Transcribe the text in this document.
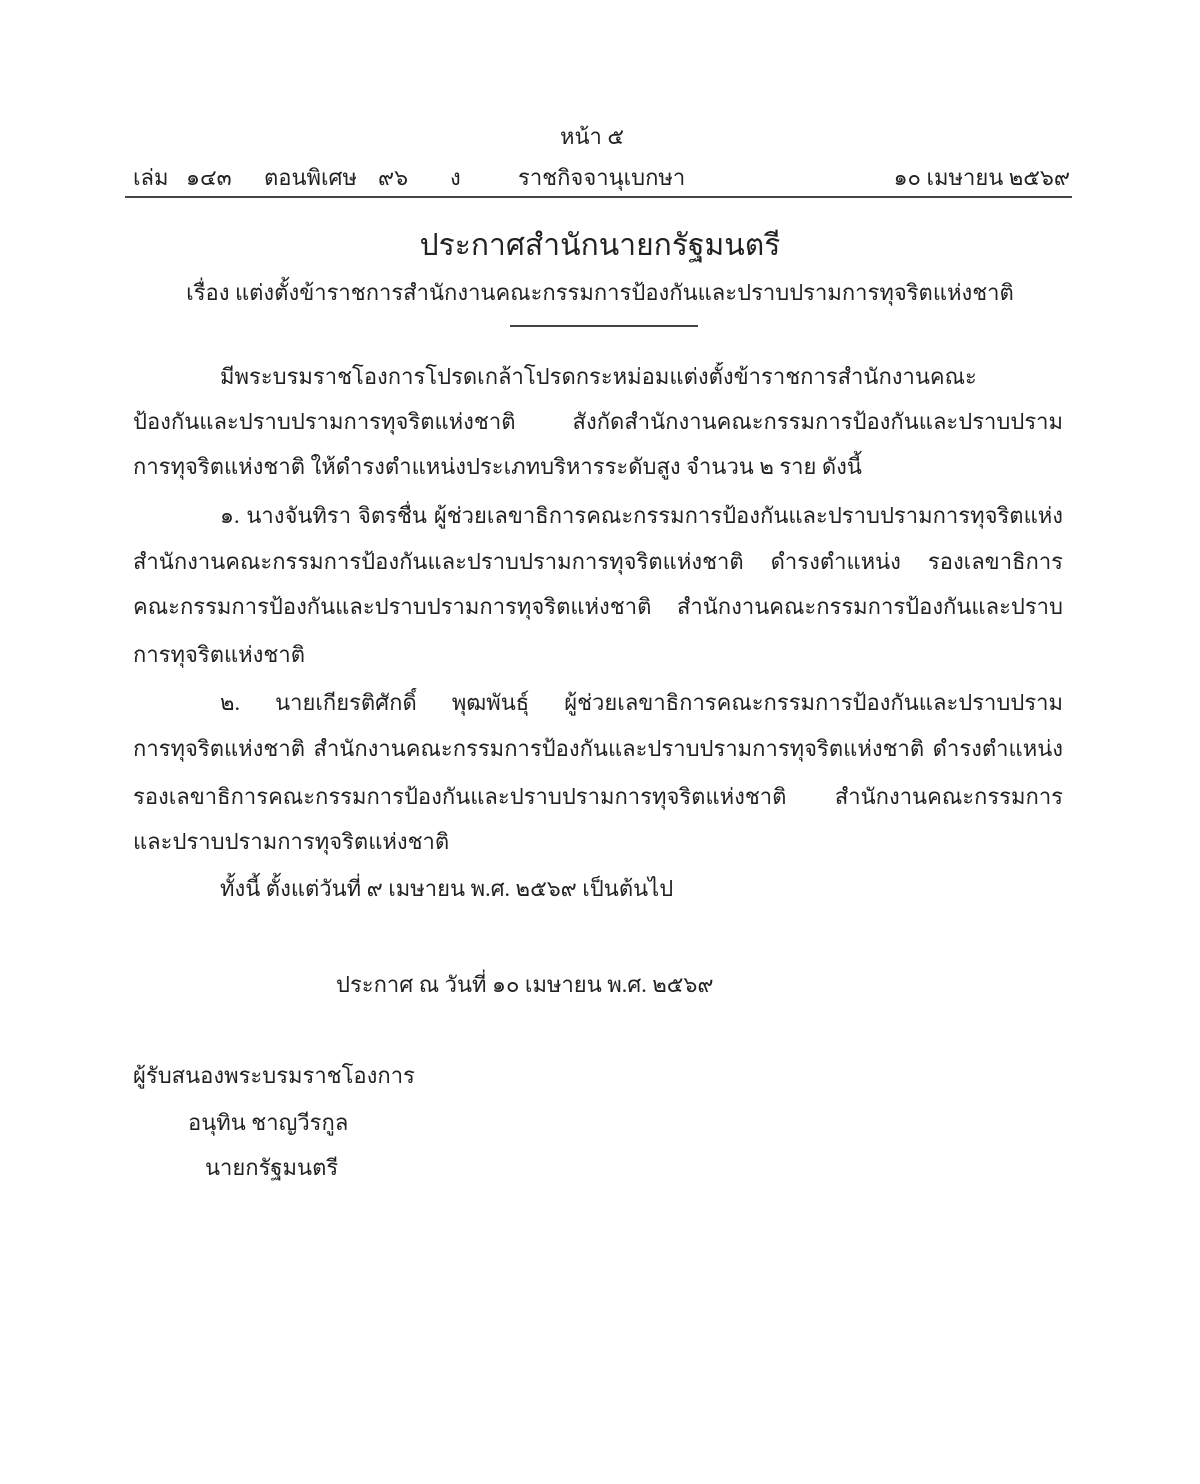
หน้า ๕
เล่ม ๑๔๓ ตอนพิเศษ ๙๖ ง	ราชกิจจานุเบกษา	๑๐ เมษายน ๒๕๖๙
ประกาศสำนักนายกรัฐมนตรี
เรื่อง แต่งตั้งข้าราชการสำนักงานคณะกรรมการป้องกันและปราบปรามการทุจริตแห่งชาติ
มีพระบรมราชโองการโปรดเกล้าโปรดกระหม่อมแต่งตั้งข้าราชการสำนักงานคณะ
ป้องกันและปราบปรามการทุจริตแห่งชาติ สังกัดสำนักงานคณะกรรมการป้องกันและปราบปราม
การทุจริตแห่งชาติ ให้ดำรงตำแหน่งประเภทบริหารระดับสูง จำนวน ๒ ราย ดังนี้
๑. นางจันทิรา จิตรชื่น ผู้ช่วยเลขาธิการคณะกรรมการป้องกันและปราบปรามการทุจริตแห่ง
สำนักงานคณะกรรมการป้องกันและปราบปรามการทุจริตแห่งชาติ ดำรงตำแหน่ง รองเลขาธิการ
คณะกรรมการป้องกันและปราบปรามการทุจริตแห่งชาติ สำนักงานคณะกรรมการป้องกันและปราบ
การทุจริตแห่งชาติ
๒. นายเกียรติศักดิ์ พุฒพันธุ์ ผู้ช่วยเลขาธิการคณะกรรมการป้องกันและปราบปราม
การทุจริตแห่งชาติ สำนักงานคณะกรรมการป้องกันและปราบปรามการทุจริตแห่งชาติ ดำรงตำแหน่ง
รองเลขาธิการคณะกรรมการป้องกันและปราบปรามการทุจริตแห่งชาติ สำนักงานคณะกรรมการ
และปราบปรามการทุจริตแห่งชาติ
ทั้งนี้ ตั้งแต่วันที่ ๙ เมษายน พ.ศ. ๒๕๖๙ เป็นต้นไป
ประกาศ ณ วันที่ ๑๐ เมษายน พ.ศ. ๒๕๖๙
ผู้รับสนองพระบรมราชโองการ
อนุทิน ชาญวีรกูล
นายกรัฐมนตรี
